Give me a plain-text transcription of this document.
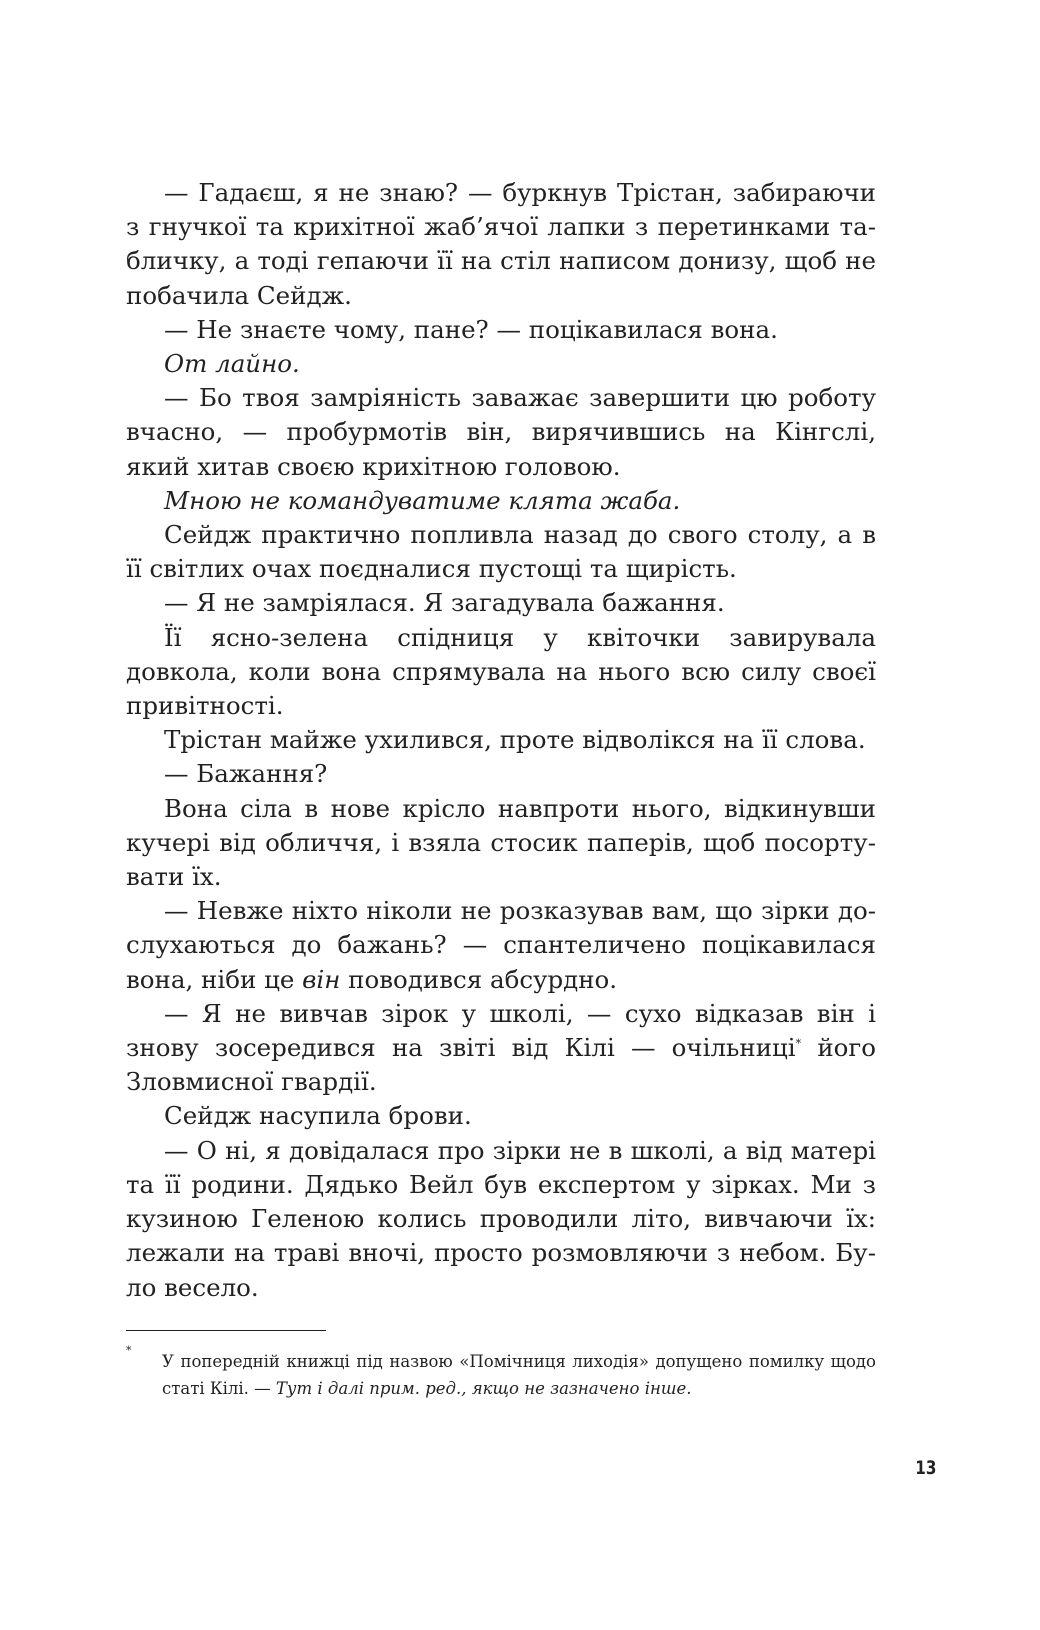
— Гадаєш, я не знаю? — буркнув Трістан, забираючи з гнучкої та крихітної жаб’ячої лапки з перетинками табличку, а тоді гепаючи її на стіл написом донизу, щоб не побачила Сейдж.

— Не знаєте чому, пане? — поцікавилася вона.

От лайно.

— Бо твоя замріяність заважає завершити цю роботу вчасно, — пробурмотів він, вирячившись на Кінгслі, який хитав своєю крихітною головою.

Мною не командуватиме клята жаба.

Сейдж практично попливла назад до свого столу, а в її світлих очах поєдналися пустощі та щирість.

— Я не замріялася. Я загадувала бажання.

Її ясно-зелена спідниця у квіточки завирувала довкола, коли вона спрямувала на нього всю силу своєї привітності.

Трістан майже ухилився, проте відволікся на її слова.

— Бажання?

Вона сіла в нове крісло навпроти нього, відкинувши кучері від обличчя, і взяла стосик паперів, щоб посортувати їх.

— Невже ніхто ніколи не розказував вам, що зірки дослухаються до бажань? — спантеличено поцікавилася вона, ніби це він поводився абсурдно.

— Я не вивчав зірок у школі, — сухо відказав він і знову зосередився на звіті від Кілі — очільниці* його Зловмисної гвардії.

Сейдж насупила брови.

— О ні, я довідалася про зірки не в школі, а від матері та її родини. Дядько Вейл був експертом у зірках. Ми з кузиною Геленою колись проводили літо, вивчаючи їх: лежали на траві вночі, просто розмовляючи з небом. Було весело.

*

У попередній книжці під назвою «Помічниця лиходія» допущено помилку щодо статі Кілі. — Тут і далі прим. ред., якщо не зазначено інше.

13
